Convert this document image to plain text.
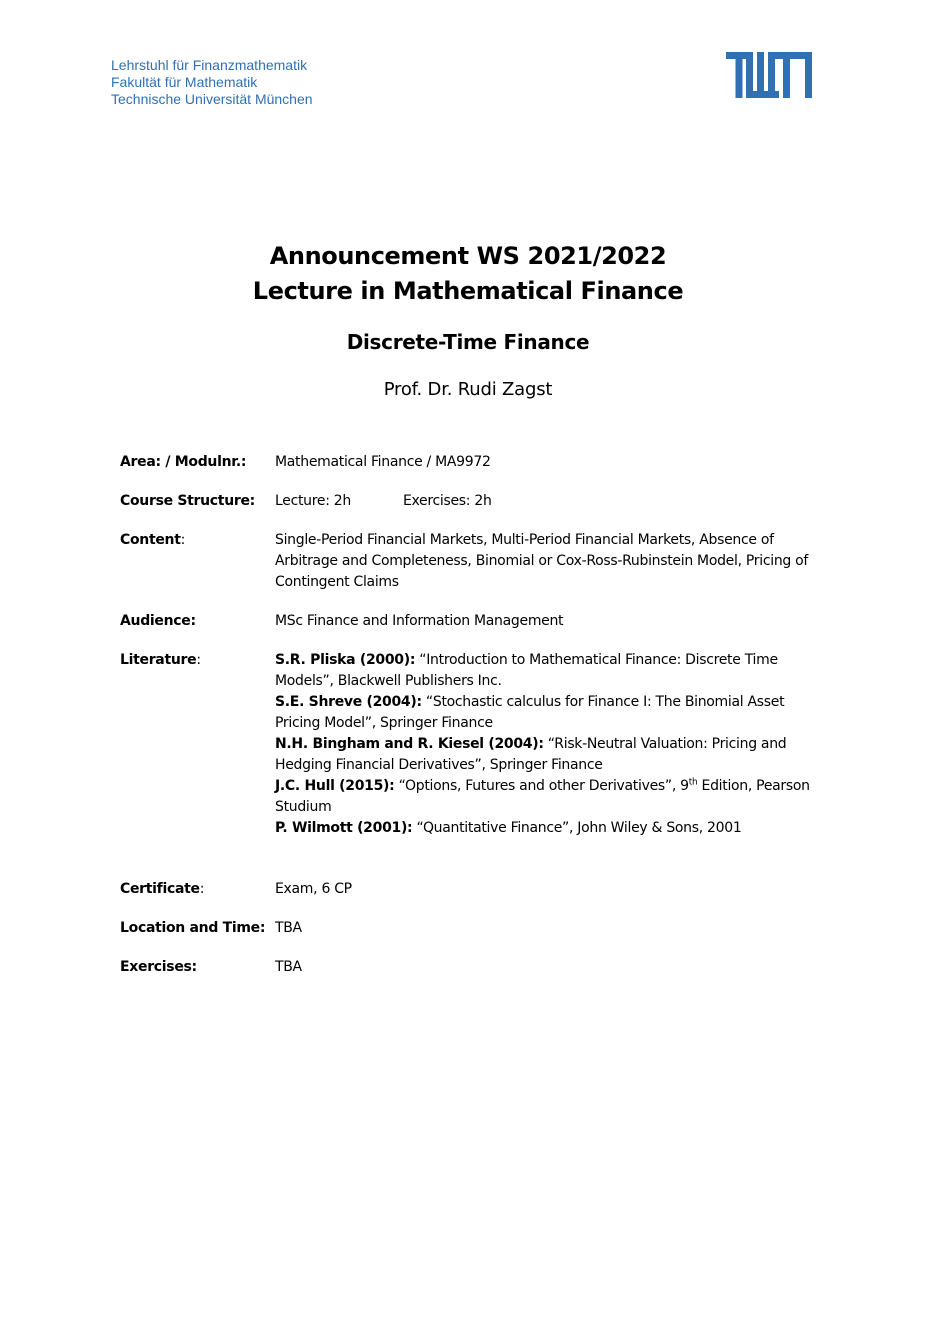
Lehrstuhl für Finanzmathematik
Fakultät für Mathematik
Technische Universität München
Announcement WS 2021/2022
Lecture in Mathematical Finance
Discrete-Time Finance
Prof. Dr. Rudi Zagst
Area: / Modulnr.:	Mathematical Finance / MA9972
Course Structure:	Lecture: 2h	Exercises: 2h
Content:	Single-Period Financial Markets, Multi-Period Financial Markets, Absence of Arbitrage and Completeness, Binomial or Cox-Ross-Rubinstein Model, Pricing of Contingent Claims
Audience:	MSc Finance and Information Management
Literature:	S.R. Pliska (2000): “Introduction to Mathematical Finance: Discrete Time Models”, Blackwell Publishers Inc.
S.E. Shreve (2004): “Stochastic calculus for Finance I: The Binomial Asset Pricing Model”, Springer Finance
N.H. Bingham and R. Kiesel (2004): “Risk-Neutral Valuation: Pricing and Hedging Financial Derivatives”, Springer Finance
J.C. Hull (2015): “Options, Futures and other Derivatives”, 9th Edition, Pearson Studium
P. Wilmott (2001): “Quantitative Finance”, John Wiley & Sons, 2001
Certificate:	Exam, 6 CP
Location and Time: TBA
Exercises:	TBA
